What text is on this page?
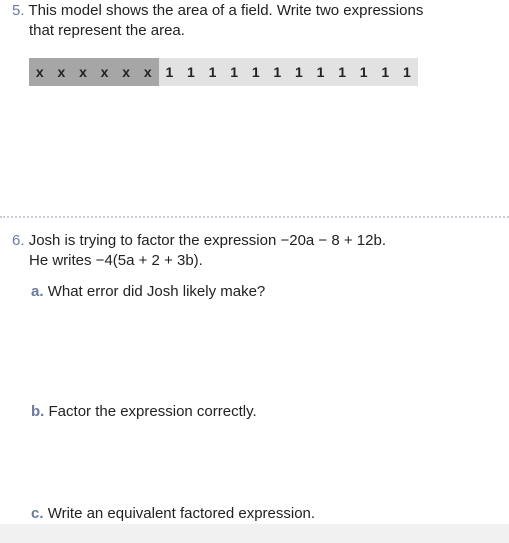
5. This model shows the area of a field. Write two expressions
that represent the area.
x x x x x x 1 1 1 1 1 1 1 1 1 1 1 1
6. Josh is trying to factor the expression −20a − 8 + 12b.
He writes −4(5a + 2 + 3b).
a. What error did Josh likely make?
b. Factor the expression correctly.
c. Write an equivalent factored expression.
